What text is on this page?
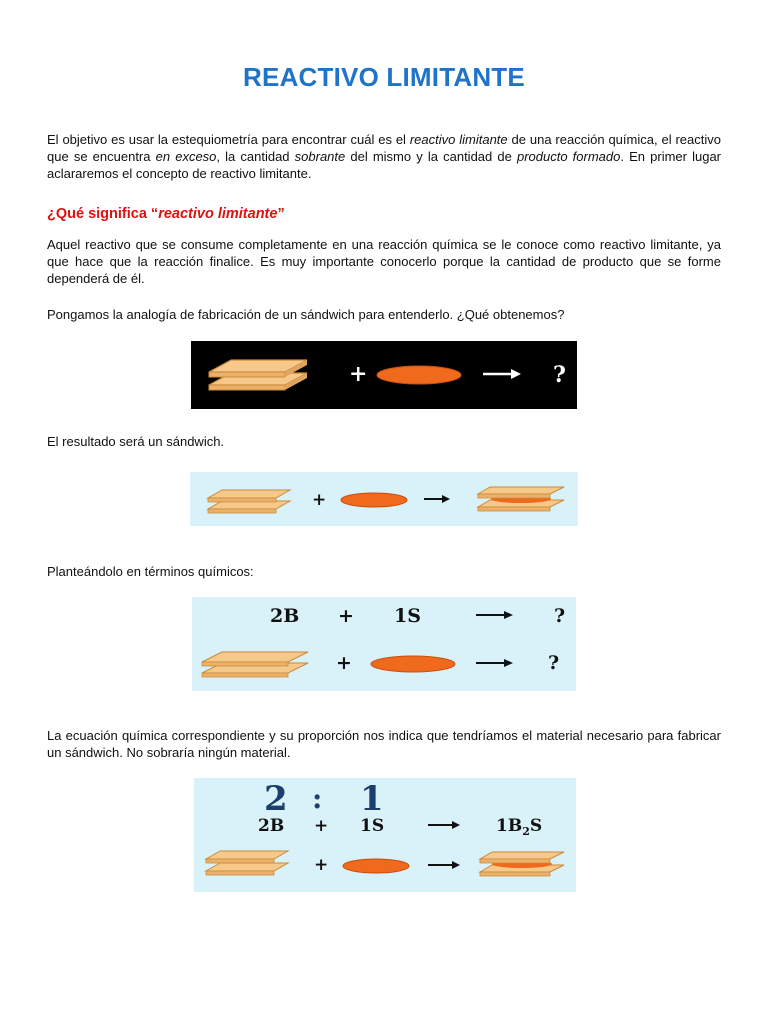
REACTIVO LIMITANTE
El objetivo es usar la estequiometría para encontrar cuál es el reactivo limitante de una reacción química, el reactivo que se encuentra en exceso, la cantidad sobrante del mismo y la cantidad de producto formado. En primer lugar aclararemos el concepto de reactivo limitante.
¿Qué significa “reactivo limitante”
Aquel reactivo que se consume completamente en una reacción química se le conoce como reactivo limitante, ya que hace que la reacción finalice. Es muy importante conocerlo porque la cantidad de producto que se forme dependerá de él.
Pongamos la analogía de fabricación de un sándwich para entenderlo. ¿Qué obtenemos?
+	?
El resultado será un sándwich.
+
Planteándolo en términos químicos:
2B + 1S	?
+	?
La ecuación química correspondiente y su proporción nos indica que tendríamos el material necesario para fabricar un sándwich. No sobraría ningún material.
2 : 1
2B + 1S	$1B_2S$
+
